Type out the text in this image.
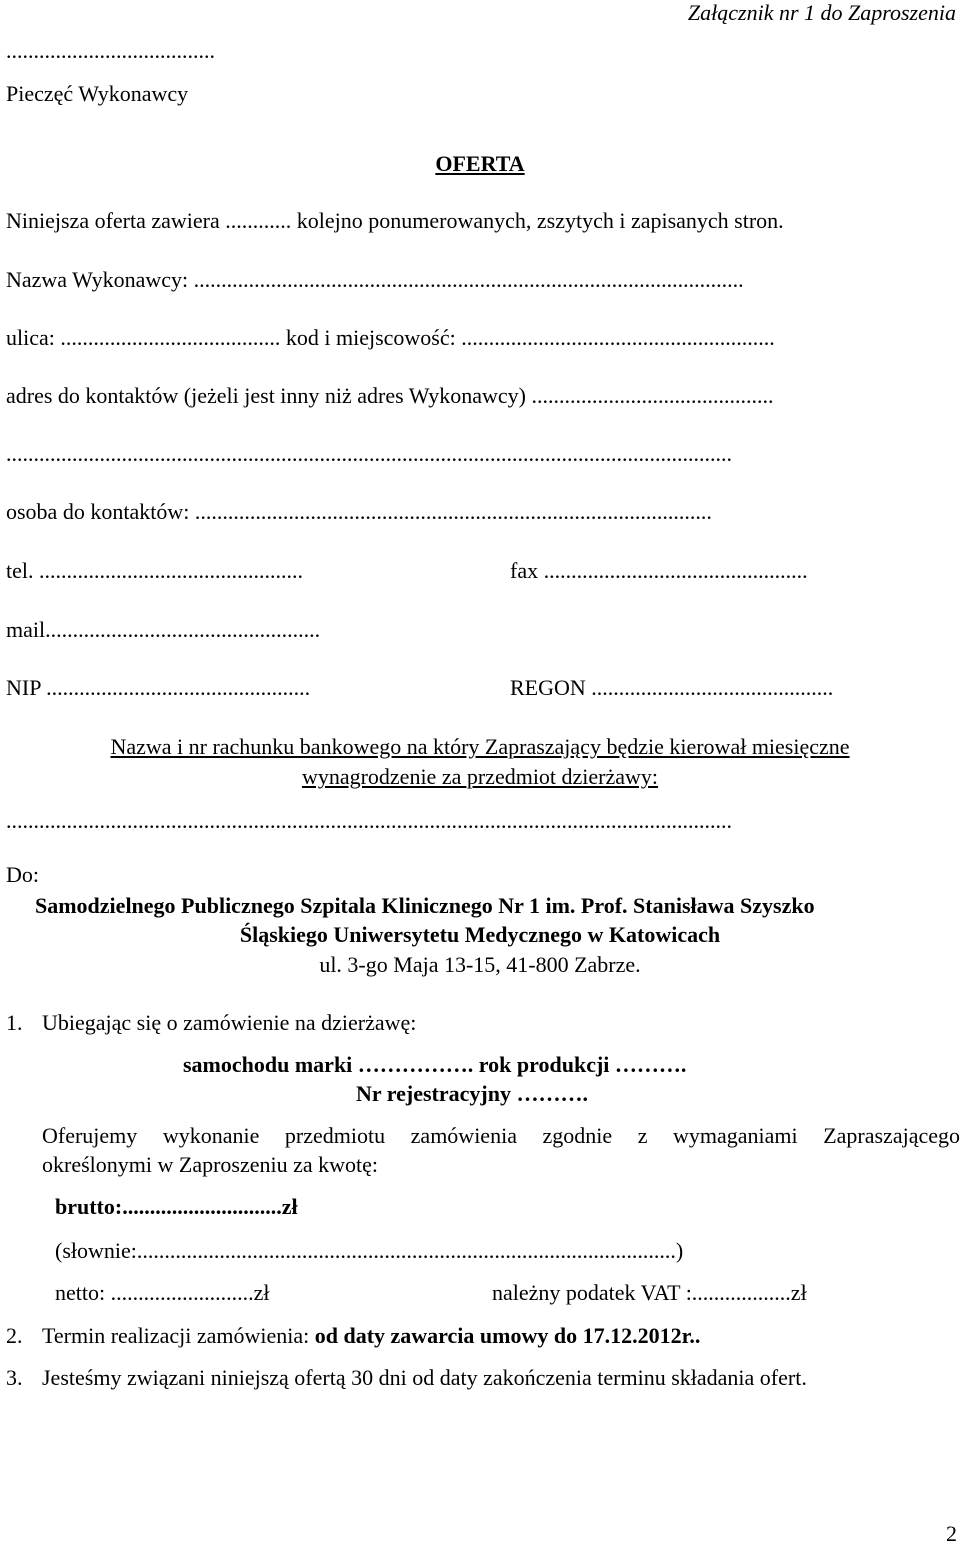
Załącznik nr 1 do Zaproszenia
......................................
Pieczęć Wykonawcy
OFERTA
Niniejsza oferta zawiera ............ kolejno ponumerowanych, zszytych i zapisanych stron.
Nazwa Wykonawcy: ....................................................................................................
ulica: ........................................ kod i miejscowość: .........................................................
adres do kontaktów (jeżeli jest inny niż adres Wykonawcy) ............................................
....................................................................................................................................
osoba do kontaktów: ..............................................................................................
tel. ................................................	fax ................................................
mail..................................................
NIP ................................................	REGON ............................................
Nazwa i nr rachunku bankowego na który Zapraszający będzie kierował miesięczne
wynagrodzenie za przedmiot dzierżawy:
....................................................................................................................................
Do:
Samodzielnego Publicznego Szpitala Klinicznego Nr 1 im. Prof. Stanisława Szyszko
Śląskiego Uniwersytetu Medycznego w Katowicach
ul. 3-go Maja 13-15, 41-800 Zabrze.
1. Ubiegając się o zamówienie na dzierżawę:
samochodu marki ……………. rok produkcji ……….
Nr rejestracyjny ……….
Oferujemy wykonanie przedmiotu zamówienia zgodnie z wymaganiami Zapraszającego
określonymi w Zaproszeniu za kwotę:
brutto:.............................zł
(słownie:..................................................................................................)
netto: ..........................zł	należny podatek VAT :..................zł
2. Termin realizacji zamówienia: od daty zawarcia umowy do 17.12.2012r..
3. Jesteśmy związani niniejszą ofertą 30 dni od daty zakończenia terminu składania ofert.
2
